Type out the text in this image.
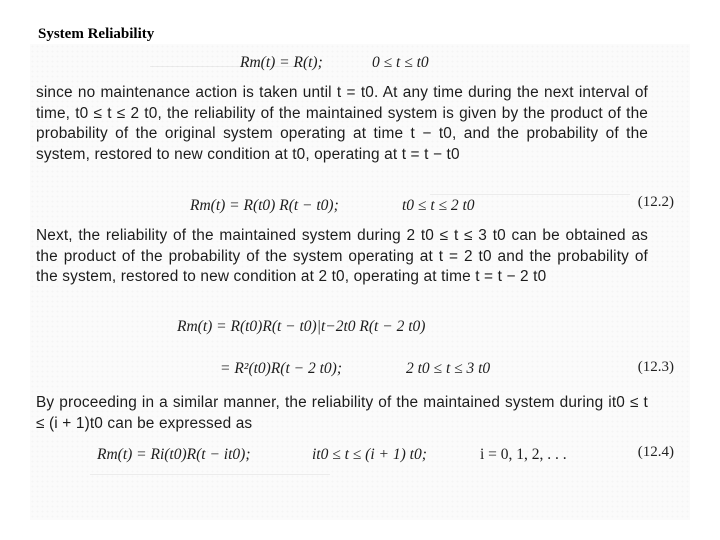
System Reliability
Rm(t) = R(t);	0 ≤ t ≤ t0
since no maintenance action is taken until t = t0. At any time during the next interval of time, t0 ≤ t ≤ 2 t0, the reliability of the maintained system is given by the product of the probability of the original system operating at time t − t0, and the probability of the system, restored to new condition at t0, operating at t = t − t0
Rm(t) = R(t0) R(t − t0);	t0 ≤ t ≤ 2 t0	(12.2)
Next, the reliability of the maintained system during 2 t0 ≤ t ≤ 3 t0 can be obtained as the product of the probability of the system operating at t = 2 t0 and the probability of the system, restored to new condition at 2 t0, operating at time t = t − 2 t0
Rm(t) = R(t0)R(t − t0)|t−2t0 R(t − 2 t0)
= R²(t0)R(t − 2 t0);	2 t0 ≤ t ≤ 3 t0	(12.3)
By proceeding in a similar manner, the reliability of the maintained system during it0 ≤ t ≤ (i + 1)t0 can be expressed as
Rm(t) = Ri(t0)R(t − it0);	it0 ≤ t ≤ (i + 1) t0;	i = 0, 1, 2, . . .	(12.4)
